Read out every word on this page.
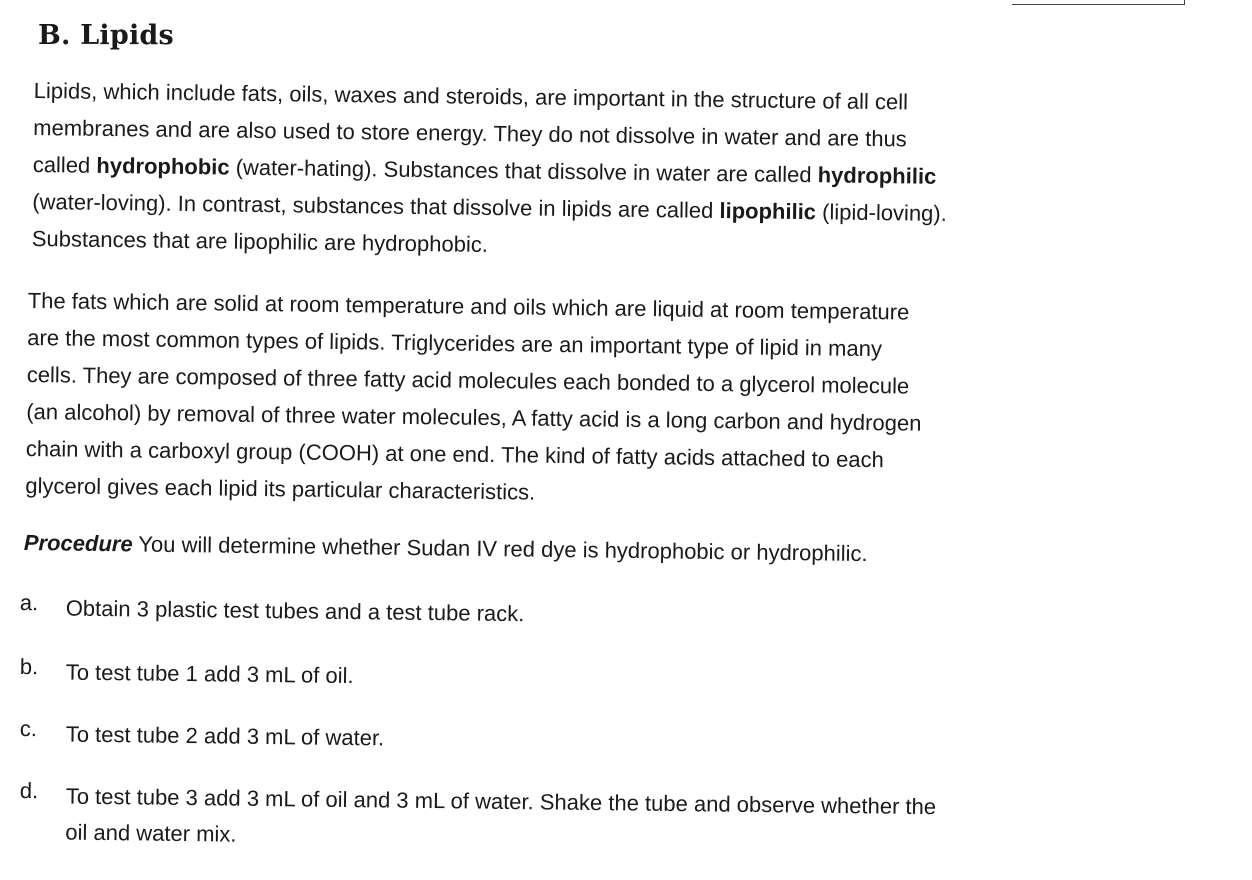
B. Lipids

Lipids, which include fats, oils, waxes and steroids, are important in the structure of all cell
membranes and are also used to store energy. They do not dissolve in water and are thus
called hydrophobic (water-hating). Substances that dissolve in water are called hydrophilic
(water-loving). In contrast, substances that dissolve in lipids are called lipophilic (lipid-loving).
Substances that are lipophilic are hydrophobic.

The fats which are solid at room temperature and oils which are liquid at room temperature
are the most common types of lipids. Triglycerides are an important type of lipid in many
cells. They are composed of three fatty acid molecules each bonded to a glycerol molecule
(an alcohol) by removal of three water molecules, A fatty acid is a long carbon and hydrogen
chain with a carboxyl group (COOH) at one end. The kind of fatty acids attached to each
glycerol gives each lipid its particular characteristics.

Procedure You will determine whether Sudan IV red dye is hydrophobic or hydrophilic.

a.	Obtain 3 plastic test tubes and a test tube rack.
b.	To test tube 1 add 3 mL of oil.
c.	To test tube 2 add 3 mL of water.
d.	To test tube 3 add 3 mL of oil and 3 mL of water. Shake the tube and observe whether the
oil and water mix.
